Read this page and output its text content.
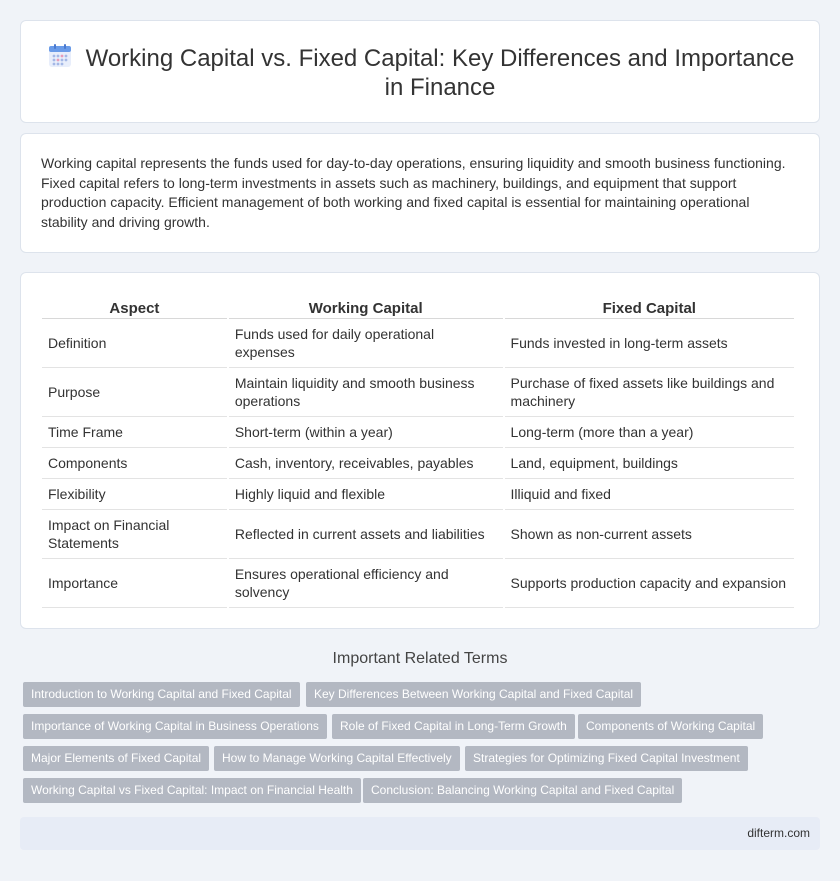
Working Capital vs. Fixed Capital: Key Differences and Importance in Finance

Working capital represents the funds used for day-to-day operations, ensuring liquidity and smooth business functioning. Fixed capital refers to long-term investments in assets such as machinery, buildings, and equipment that support production capacity. Efficient management of both working and fixed capital is essential for maintaining operational stability and driving growth.

Aspect	Working Capital	Fixed Capital
Definition	Funds used for daily operational expenses	Funds invested in long-term assets
Purpose	Maintain liquidity and smooth business operations	Purchase of fixed assets like buildings and machinery
Time Frame	Short-term (within a year)	Long-term (more than a year)
Components	Cash, inventory, receivables, payables	Land, equipment, buildings
Flexibility	Highly liquid and flexible	Illiquid and fixed
Impact on Financial Statements	Reflected in current assets and liabilities	Shown as non-current assets
Importance	Ensures operational efficiency and solvency	Supports production capacity and expansion
Important Related Terms
Introduction to Working Capital and Fixed Capital	Key Differences Between Working Capital and Fixed Capital
Importance of Working Capital in Business Operations	Role of Fixed Capital in Long-Term Growth	Components of Working Capital
Major Elements of Fixed Capital	How to Manage Working Capital Effectively	Strategies for Optimizing Fixed Capital Investment
Working Capital vs Fixed Capital: Impact on Financial Health	Conclusion: Balancing Working Capital and Fixed Capital
difterm.com
